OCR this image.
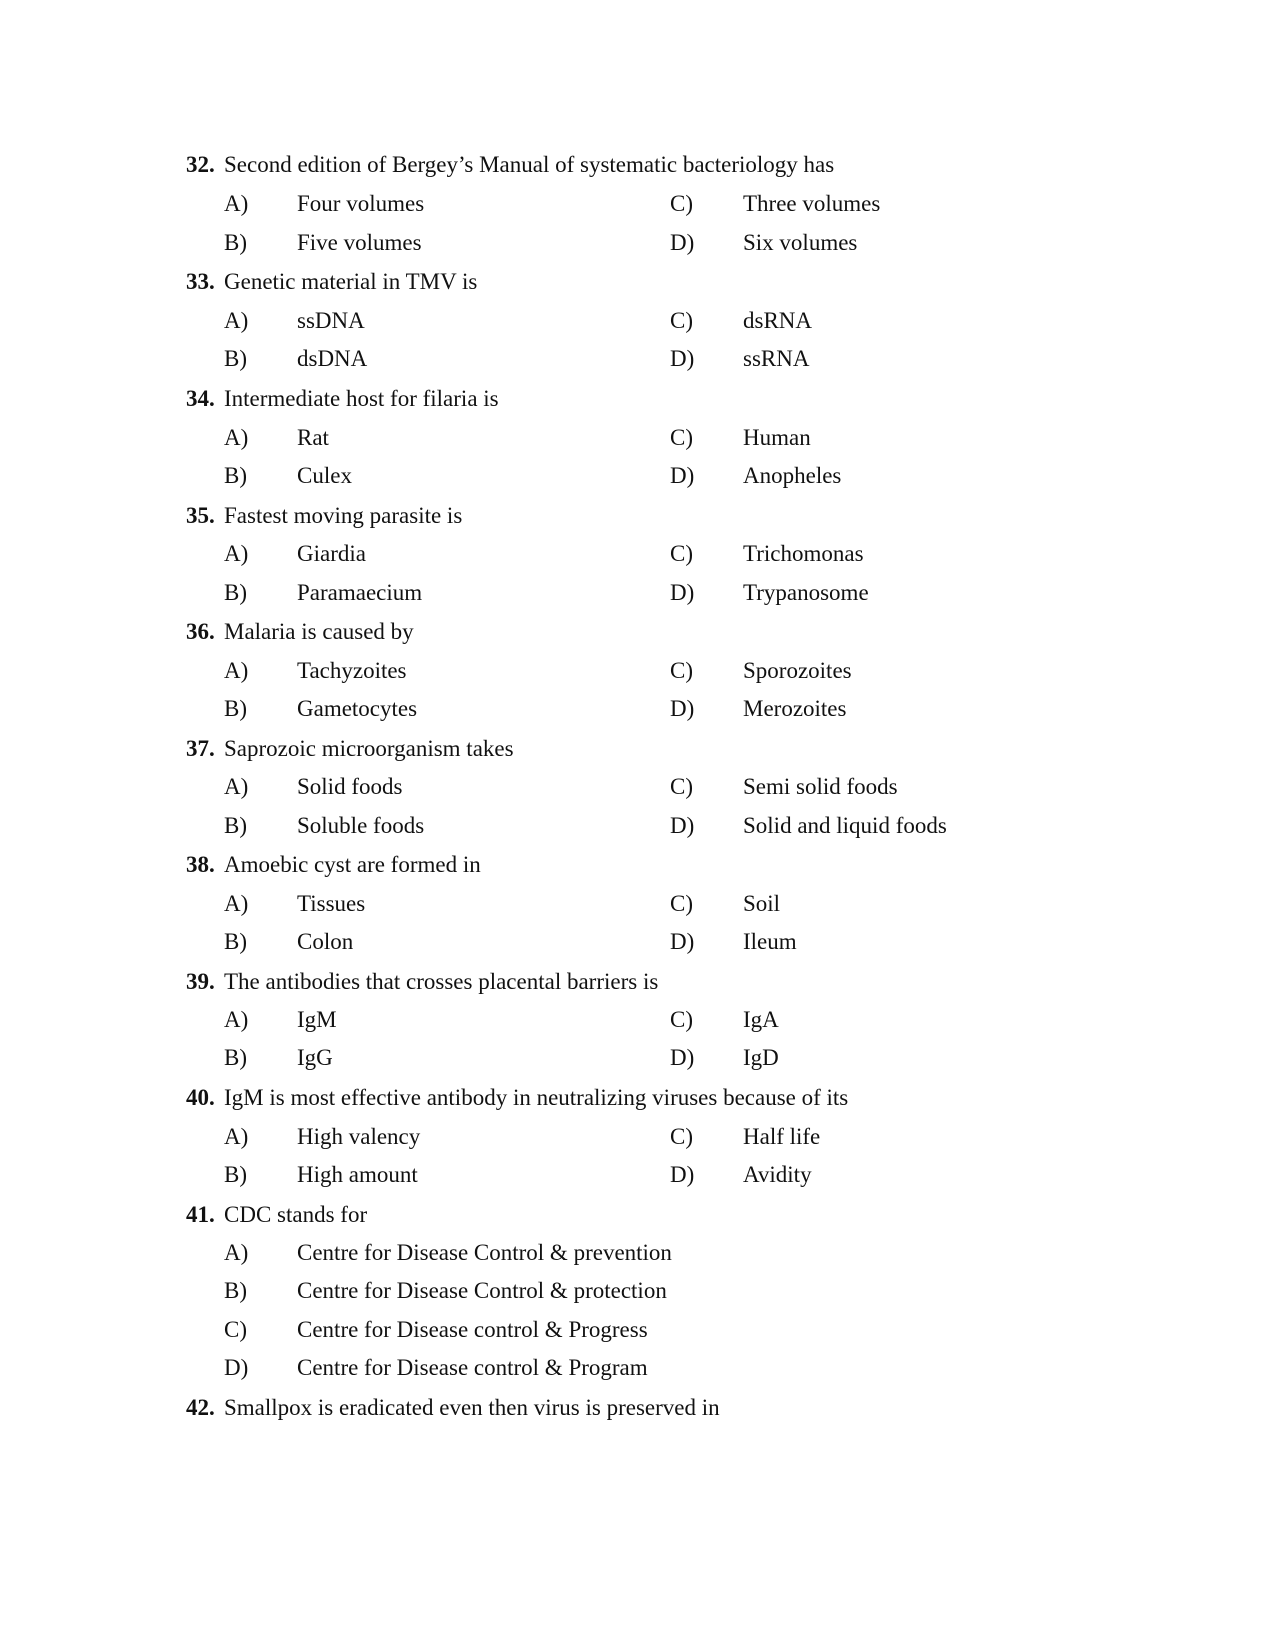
32. Second edition of Bergey’s Manual of systematic bacteriology has
A) Four volumes	C) Three volumes
B) Five volumes	D) Six volumes
33. Genetic material in TMV is
A) ssDNA	C) dsRNA
B) dsDNA	D) ssRNA
34. Intermediate host for filaria is
A) Rat	C) Human
B) Culex	D) Anopheles
35. Fastest moving parasite is
A) Giardia	C) Trichomonas
B) Paramaecium	D) Trypanosome
36. Malaria is caused by
A) Tachyzoites	C) Sporozoites
B) Gametocytes	D) Merozoites
37. Saprozoic microorganism takes
A) Solid foods	C) Semi solid foods
B) Soluble foods	D) Solid and liquid foods
38. Amoebic cyst are formed in
A) Tissues	C) Soil
B) Colon	D) Ileum
39. The antibodies that crosses placental barriers is
A) IgM	C) IgA
B) IgG	D) IgD
40. IgM is most effective antibody in neutralizing viruses because of its
A) High valency	C) Half life
B) High amount	D) Avidity
41. CDC stands for
A) Centre for Disease Control & prevention
B) Centre for Disease Control & protection
C) Centre for Disease control & Progress
D) Centre for Disease control & Program
42. Smallpox is eradicated even then virus is preserved in
